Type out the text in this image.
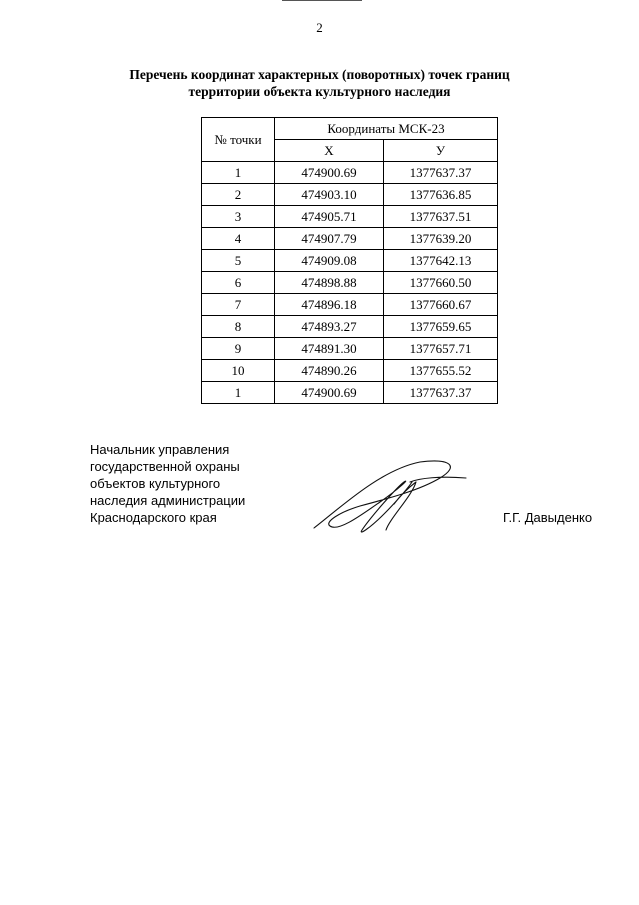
2
Перечень координат характерных (поворотных) точек границ
территории объекта культурного наследия
№ точки	Координаты МСК-23	
	Х	У
1	474900.69	1377637.37
2	474903.10	1377636.85
3	474905.71	1377637.51
4	474907.79	1377639.20
5	474909.08	1377642.13
6	474898.88	1377660.50
7	474896.18	1377660.67
8	474893.27	1377659.65
9	474891.30	1377657.71
10	474890.26	1377655.52
1	474900.69	1377637.37
Начальник управления
государственной охраны
объектов культурного
наследия администрации
Краснодарского края	Г.Г. Давыденко
